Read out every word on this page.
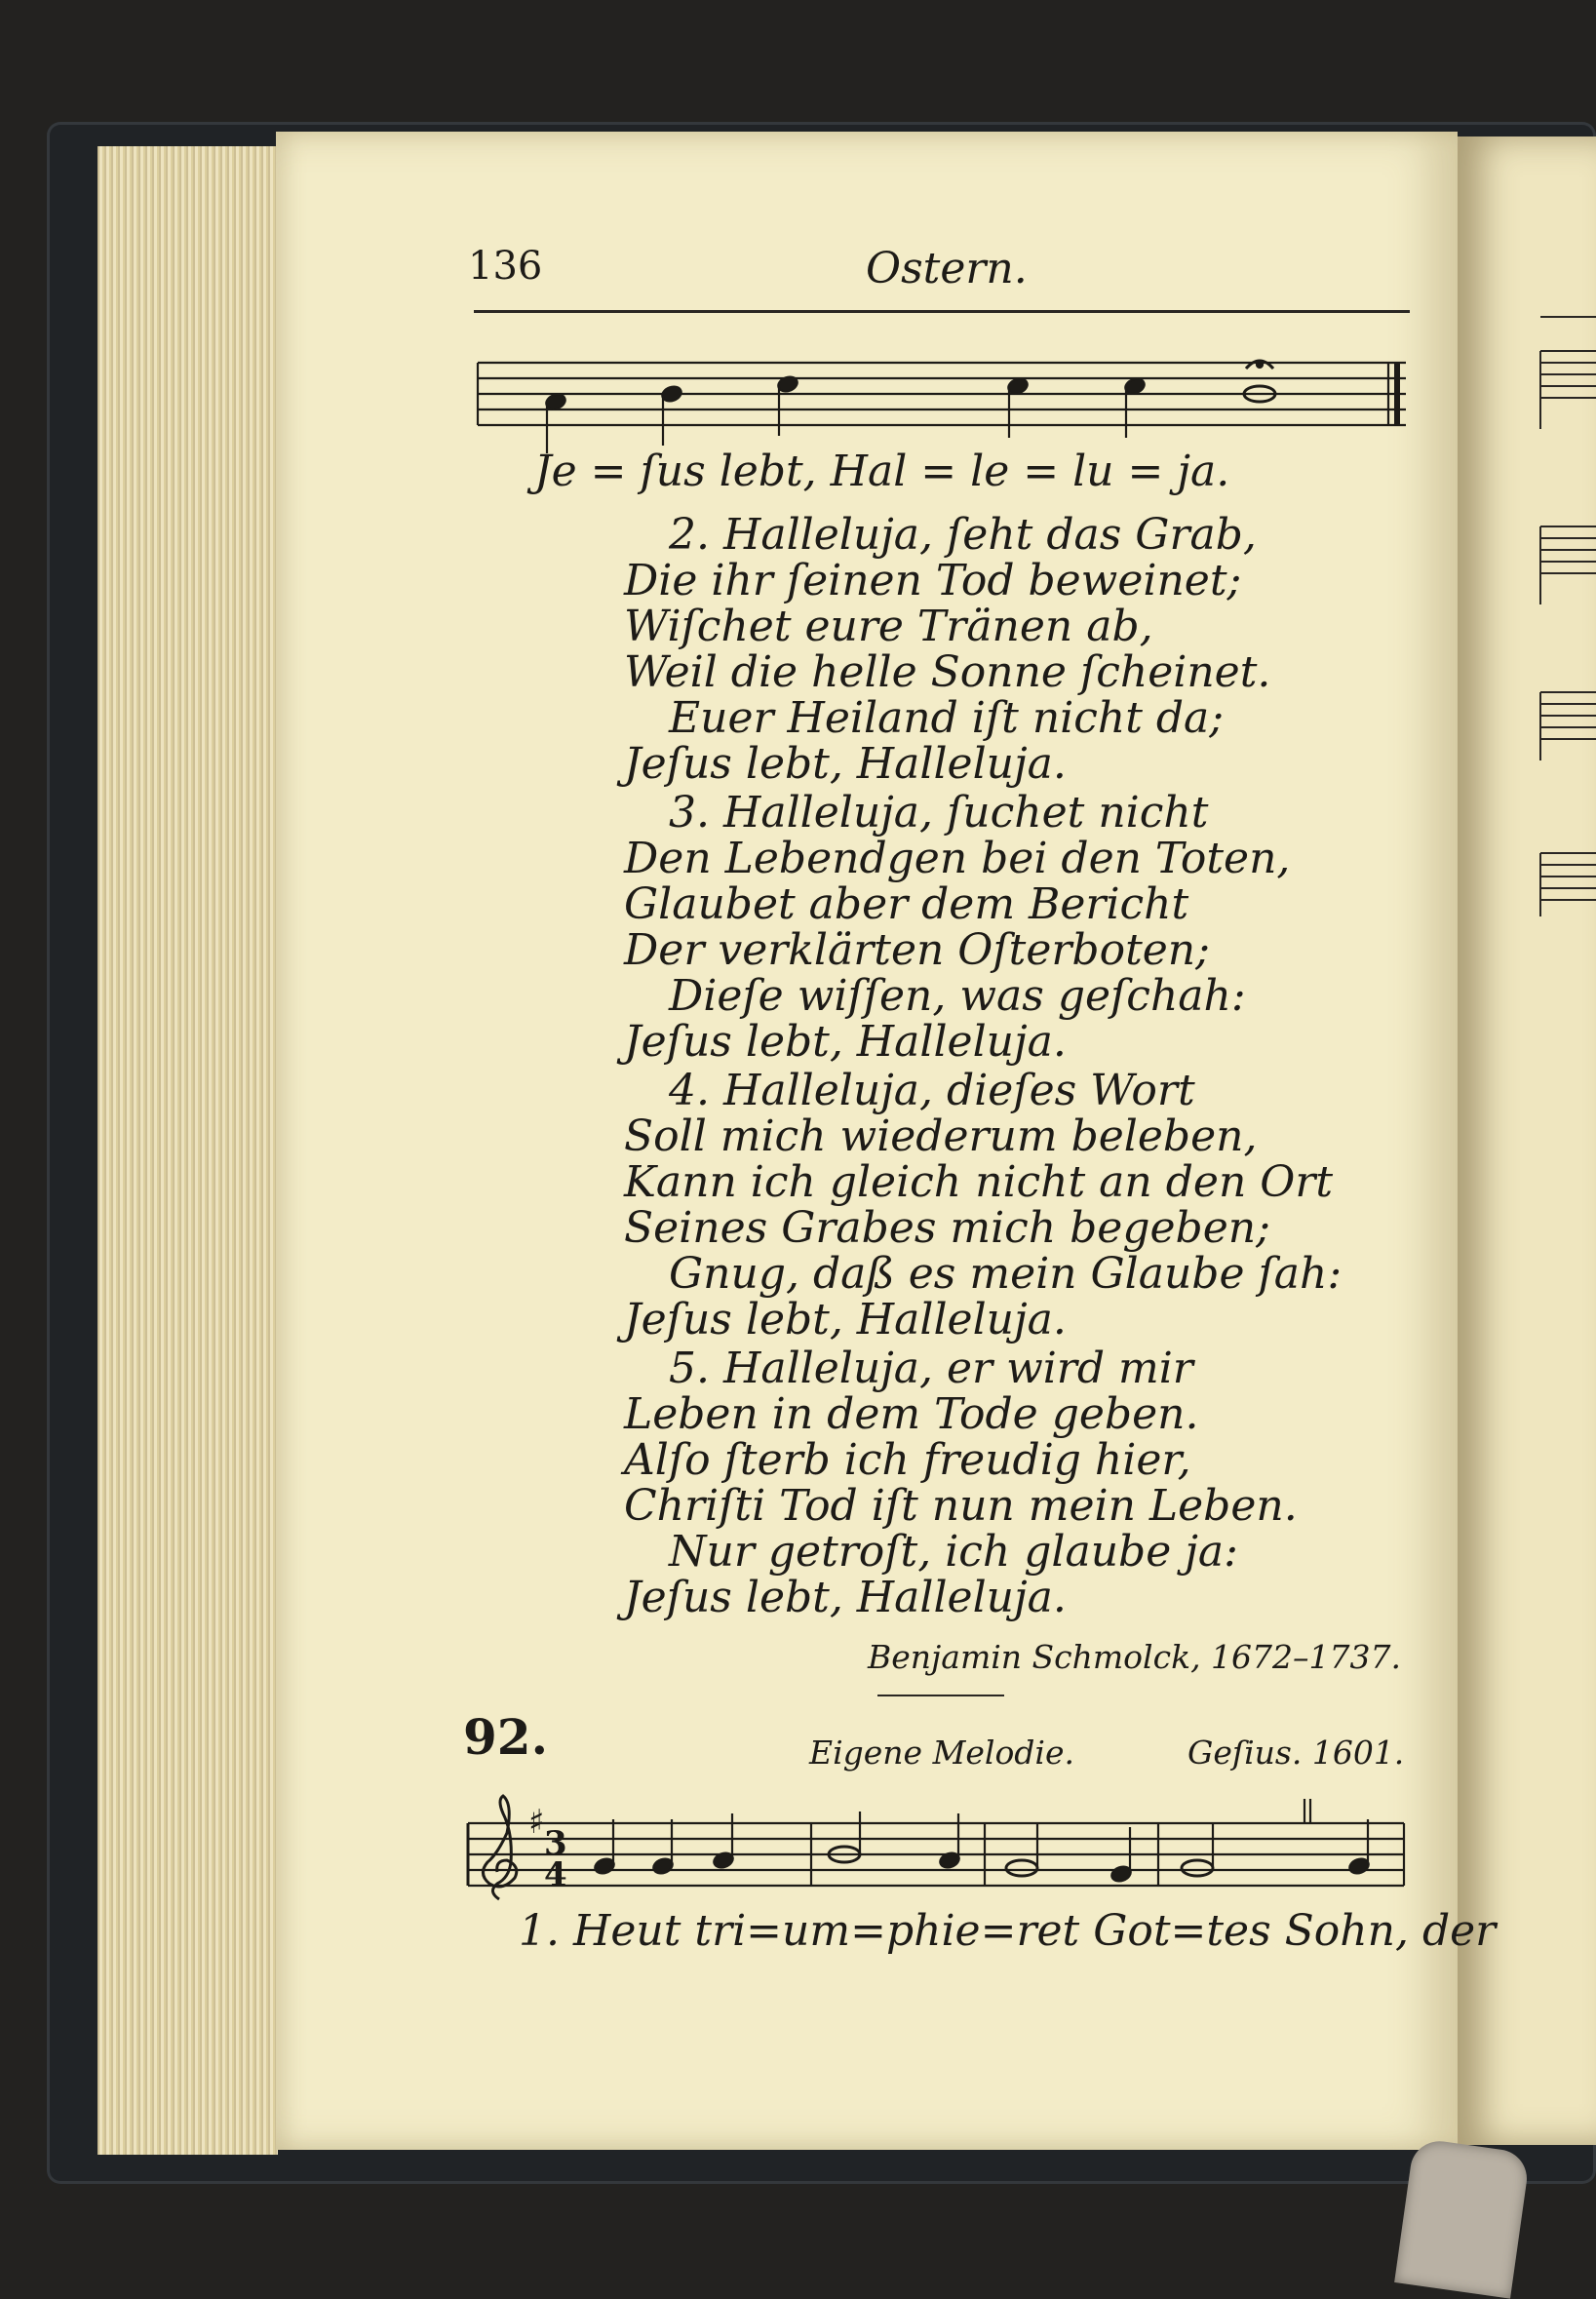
136	Ostern.
Je = ſus lebt, Hal = le = lu = ja.
2. Halleluja, ſeht das Grab,
Die ihr ſeinen Tod beweinet;
Wiſchet eure Tränen ab,
Weil die helle Sonne ſcheinet.
Euer Heiland iſt nicht da;
Jeſus lebt, Halleluja.
3. Halleluja, ſuchet nicht
Den Lebendgen bei den Toten,
Glaubet aber dem Bericht
Der verklärten Oſterboten;
Dieſe wiſſen, was geſchah:
Jeſus lebt, Halleluja.
4. Halleluja, dieſes Wort
Soll mich wiederum beleben,
Kann ich gleich nicht an den Ort
Seines Grabes mich begeben;
Gnug, daß es mein Glaube ſah:
Jeſus lebt, Halleluja.
5. Halleluja, er wird mir
Leben in dem Tode geben.
Alſo ſterb ich freudig hier,
Chriſti Tod iſt nun mein Leben.
Nur getroſt, ich glaube ja:
Jeſus lebt, Halleluja.
Benjamin Schmolck, 1672–1737.
92.	Eigene Melodie.	Geſius. 1601.
♯
3
4
1. Heut tri=um=phie=ret Got=tes Sohn, der
